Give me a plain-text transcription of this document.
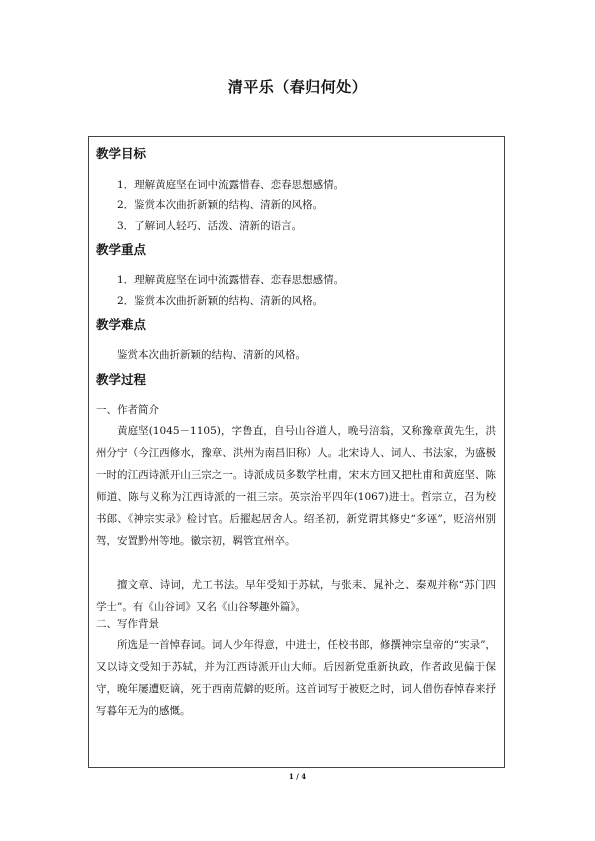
清平乐（春归何处）
教学目标
1．理解黄庭坚在词中流露惜春、恋春思想感情。
2．鉴赏本次曲折新颖的结构、清新的风格。
3．了解词人轻巧、活泼、清新的语言。
教学重点
1．理解黄庭坚在词中流露惜春、恋春思想感情。
2．鉴赏本次曲折新颖的结构、清新的风格。
教学难点
鉴赏本次曲折新颖的结构、清新的风格。
教学过程
一、作者简介
黄庭坚(1045－1105)，字鲁直，自号山谷道人，晚号涪翁，又称豫章黄先生，洪州分宁（今江西修水，豫章、洪州为南昌旧称）人。北宋诗人、词人、书法家，为盛极一时的江西诗派开山三宗之一。诗派成员多数学杜甫，宋末方回又把杜甫和黄庭坚、陈师道、陈与义称为江西诗派的一祖三宗。英宗治平四年(1067)进士。哲宗立，召为校书郎、《神宗实录》检讨官。后擢起居舍人。绍圣初，新党谓其修史“多诬”，贬涪州别驾，安置黔州等地。徽宗初，羁管宜州卒。
擅文章、诗词，尤工书法。早年受知于苏轼，与张耒、晁补之、秦观并称“苏门四学士”。有《山谷词》又名《山谷琴趣外篇》。
二、写作背景
所选是一首悼春词。词人少年得意，中进士，任校书郎，修撰神宗皇帝的“实录”，又以诗文受知于苏轼，并为江西诗派开山大师。后因新党重新执政，作者政见偏于保守，晚年屡遭贬谪，死于西南荒僻的贬所。这首词写于被贬之时，词人借伤春悼春来抒写暮年无为的感慨。
1 / 4
